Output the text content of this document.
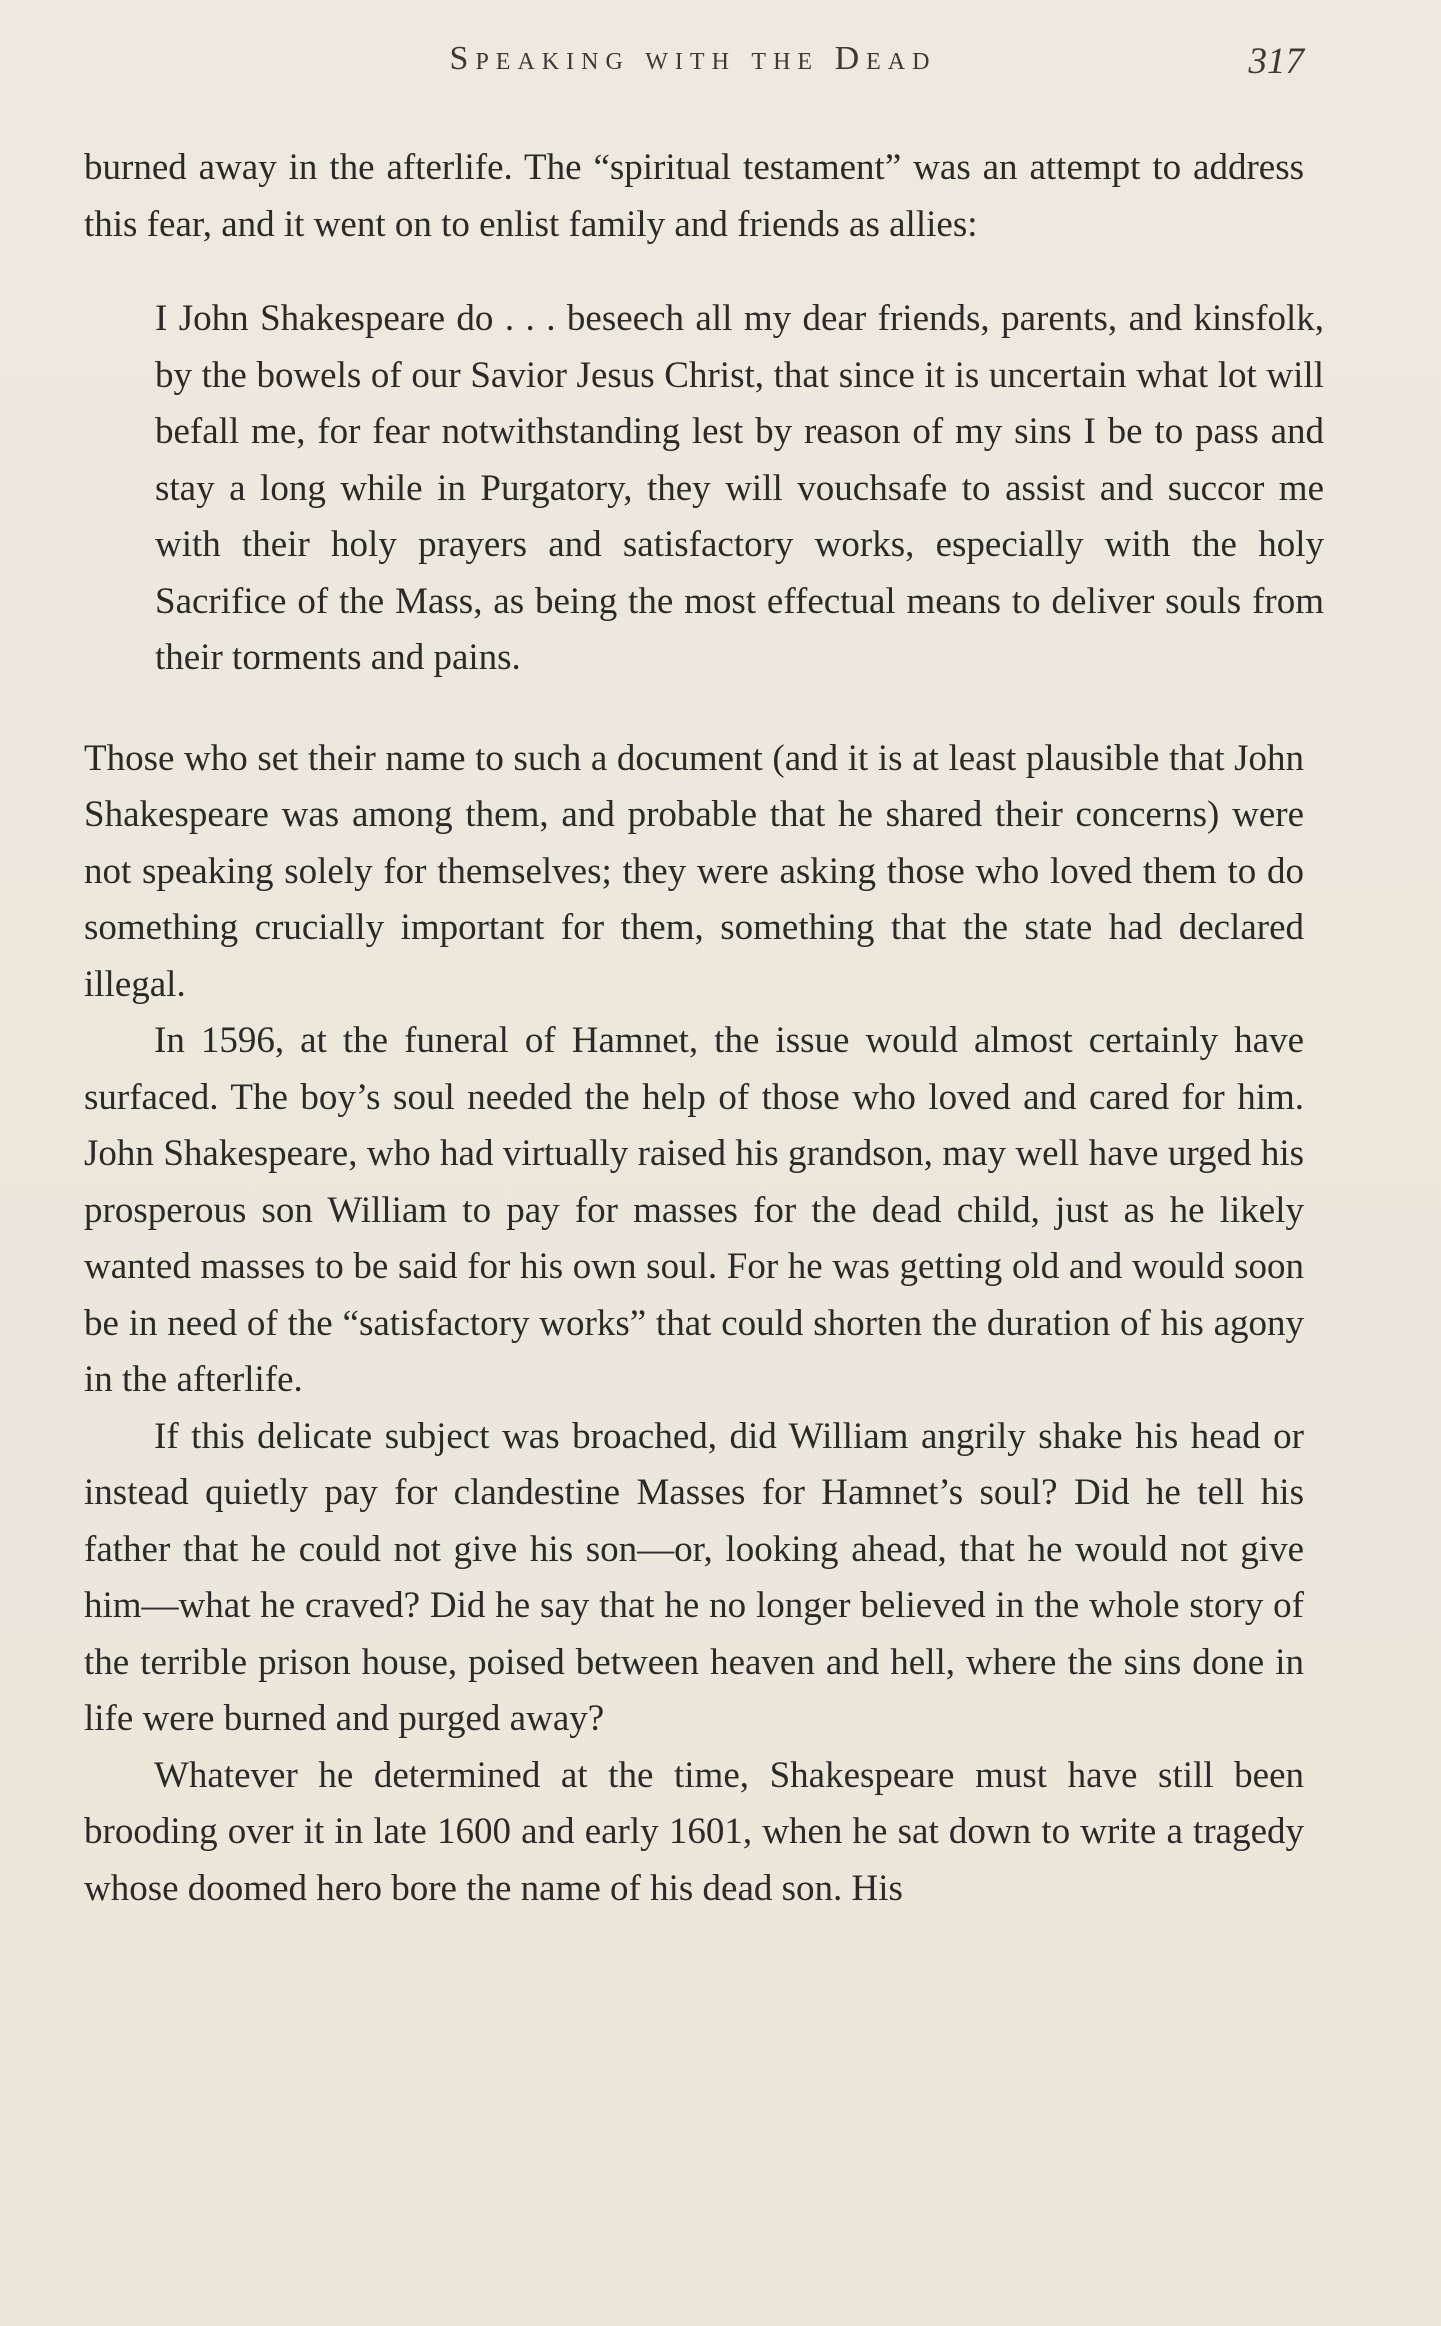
Speaking with the Dead	317

burned away in the afterlife. The “spiritual testament” was an attempt to address this fear, and it went on to enlist family and friends as allies:

I John Shakespeare do . . . beseech all my dear friends, parents, and kinsfolk, by the bowels of our Savior Jesus Christ, that since it is uncertain what lot will befall me, for fear notwithstanding lest by reason of my sins I be to pass and stay a long while in Purgatory, they will vouchsafe to assist and succor me with their holy prayers and satisfactory works, especially with the holy Sacrifice of the Mass, as being the most effectual means to deliver souls from their torments and pains.

Those who set their name to such a document (and it is at least plausible that John Shakespeare was among them, and probable that he shared their concerns) were not speaking solely for themselves; they were asking those who loved them to do something crucially important for them, something that the state had declared illegal.

In 1596, at the funeral of Hamnet, the issue would almost certainly have surfaced. The boy’s soul needed the help of those who loved and cared for him. John Shakespeare, who had virtually raised his grandson, may well have urged his prosperous son William to pay for masses for the dead child, just as he likely wanted masses to be said for his own soul. For he was getting old and would soon be in need of the “satisfactory works” that could shorten the duration of his agony in the afterlife.

If this delicate subject was broached, did William angrily shake his head or instead quietly pay for clandestine Masses for Hamnet’s soul? Did he tell his father that he could not give his son—or, looking ahead, that he would not give him—what he craved? Did he say that he no longer believed in the whole story of the terrible prison house, poised between heaven and hell, where the sins done in life were burned and purged away?

Whatever he determined at the time, Shakespeare must have still been brooding over it in late 1600 and early 1601, when he sat down to write a tragedy whose doomed hero bore the name of his dead son. His
